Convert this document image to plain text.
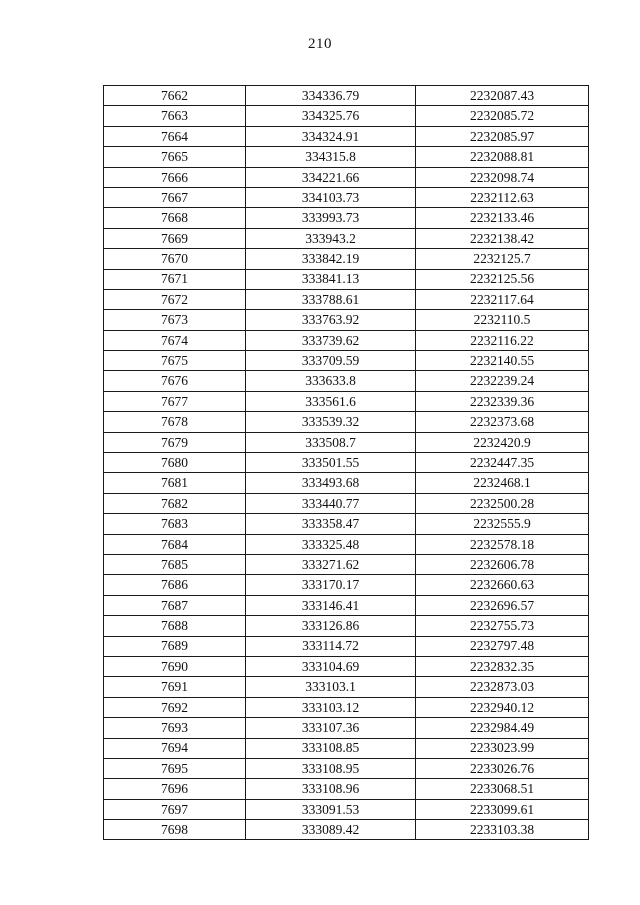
210
7662	334336.79	2232087.43
7663	334325.76	2232085.72
7664	334324.91	2232085.97
7665	334315.8	2232088.81
7666	334221.66	2232098.74
7667	334103.73	2232112.63
7668	333993.73	2232133.46
7669	333943.2	2232138.42
7670	333842.19	2232125.7
7671	333841.13	2232125.56
7672	333788.61	2232117.64
7673	333763.92	2232110.5
7674	333739.62	2232116.22
7675	333709.59	2232140.55
7676	333633.8	2232239.24
7677	333561.6	2232339.36
7678	333539.32	2232373.68
7679	333508.7	2232420.9
7680	333501.55	2232447.35
7681	333493.68	2232468.1
7682	333440.77	2232500.28
7683	333358.47	2232555.9
7684	333325.48	2232578.18
7685	333271.62	2232606.78
7686	333170.17	2232660.63
7687	333146.41	2232696.57
7688	333126.86	2232755.73
7689	333114.72	2232797.48
7690	333104.69	2232832.35
7691	333103.1	2232873.03
7692	333103.12	2232940.12
7693	333107.36	2232984.49
7694	333108.85	2233023.99
7695	333108.95	2233026.76
7696	333108.96	2233068.51
7697	333091.53	2233099.61
7698	333089.42	2233103.38
